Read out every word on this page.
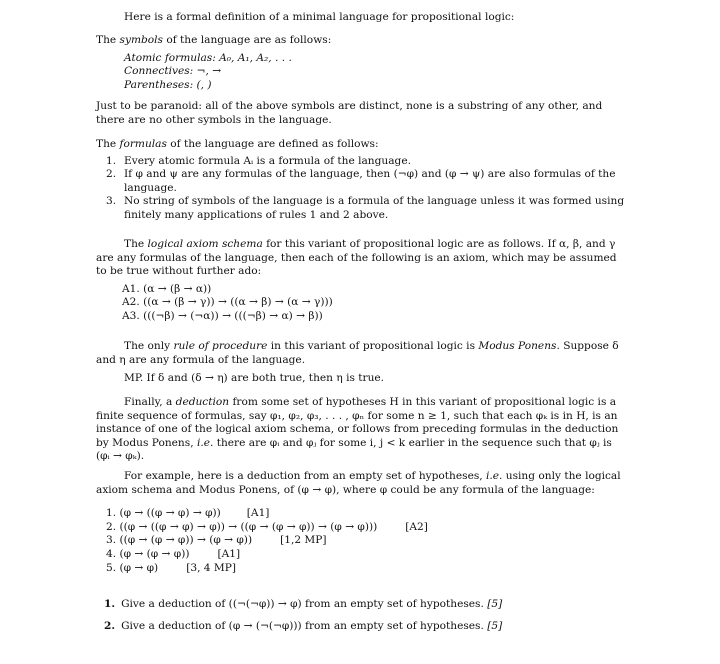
Here is a formal definition of a minimal language for propositional logic:
The symbols of the language are as follows:
Atomic formulas: A₀, A₁, A₂, . . .
Connectives: ¬, →
Parentheses: (, )
Just to be paranoid: all of the above symbols are distinct, none is a substring of any other, and there are no other symbols in the language.
The formulas of the language are defined as follows:
1. Every atomic formula Aᵢ is a formula of the language.
2. If φ and ψ are any formulas of the language, then (¬φ) and (φ → ψ) are also formulas of the language.
3. No string of symbols of the language is a formula of the language unless it was formed using finitely many applications of rules 1 and 2 above.
The logical axiom schema for this variant of propositional logic are as follows. If α, β, and γ are any formulas of the language, then each of the following is an axiom, which may be assumed to be true without further ado:
A1. (α → (β → α))
A2. ((α → (β → γ)) → ((α → β) → (α → γ)))
A3. (((¬β) → (¬α)) → (((¬β) → α) → β))
The only rule of procedure in this variant of propositional logic is Modus Ponens. Suppose δ and η are any formula of the language.
MP. If δ and (δ → η) are both true, then η is true.
Finally, a deduction from some set of hypotheses H in this variant of propositional logic is a finite sequence of formulas, say φ₁, φ₂, φ₃, . . . , φₙ for some n ≥ 1, such that each φₖ is in H, is an instance of one of the logical axiom schema, or follows from preceding formulas in the deduction by Modus Ponens, i.e. there are φᵢ and φⱼ for some i, j < k earlier in the sequence such that φⱼ is (φᵢ → φₖ).
For example, here is a deduction from an empty set of hypotheses, i.e. using only the logical axiom schema and Modus Ponens, of (φ → φ), where φ could be any formula of the language:
1. (φ → ((φ → φ) → φ)) [A1]
2. ((φ → ((φ → φ) → φ)) → ((φ → (φ → φ)) → (φ → φ)))	[A2]
3. ((φ → (φ → φ)) → (φ → φ))	[1,2 MP]
4. (φ → (φ → φ))	[A1]
5. (φ → φ)	[3, 4 MP]
1. Give a deduction of ((¬(¬φ)) → φ) from an empty set of hypotheses. [5]
2. Give a deduction of (φ → (¬(¬φ))) from an empty set of hypotheses. [5]
